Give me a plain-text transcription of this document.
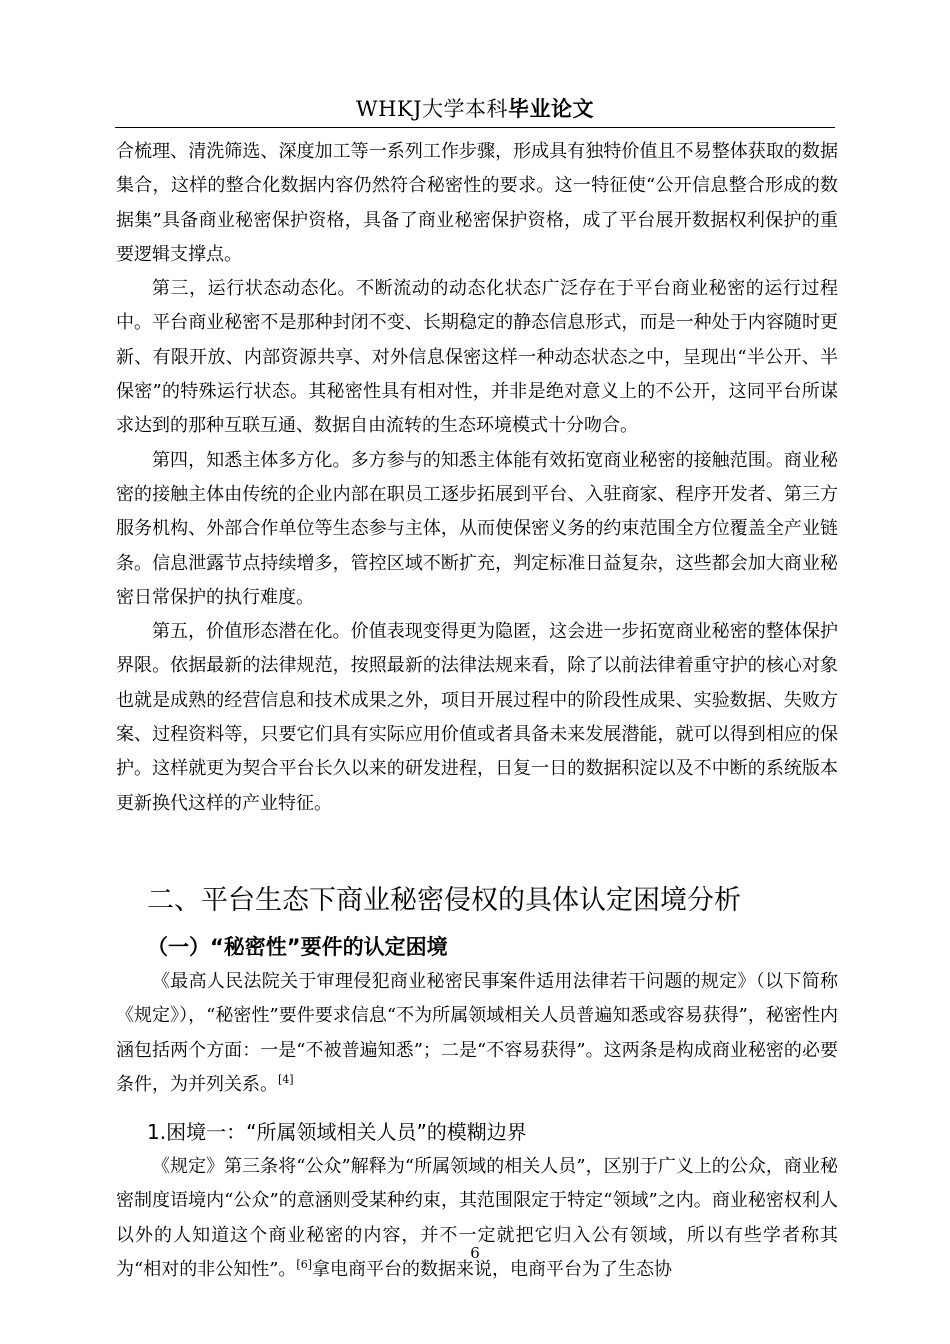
WHKJ大学本科毕业论文

合梳理、清洗筛选、深度加工等一系列工作步骤，形成具有独特价值且不易整体获取的数据集合，这样的整合化数据内容仍然符合秘密性的要求。这一特征使“公开信息整合形成的数据集”具备商业秘密保护资格，具备了商业秘密保护资格，成了平台展开数据权利保护的重要逻辑支撑点。

第三，运行状态动态化。不断流动的动态化状态广泛存在于平台商业秘密的运行过程中。平台商业秘密不是那种封闭不变、长期稳定的静态信息形式，而是一种处于内容随时更新、有限开放、内部资源共享、对外信息保密这样一种动态状态之中，呈现出“半公开、半保密”的特殊运行状态。其秘密性具有相对性，并非是绝对意义上的不公开，这同平台所谋求达到的那种互联互通、数据自由流转的生态环境模式十分吻合。

第四，知悉主体多方化。多方参与的知悉主体能有效拓宽商业秘密的接触范围。商业秘密的接触主体由传统的企业内部在职员工逐步拓展到平台、入驻商家、程序开发者、第三方服务机构、外部合作单位等生态参与主体，从而使保密义务的约束范围全方位覆盖全产业链条。信息泄露节点持续增多，管控区域不断扩充，判定标准日益复杂，这些都会加大商业秘密日常保护的执行难度。

第五，价值形态潜在化。价值表现变得更为隐匿，这会进一步拓宽商业秘密的整体保护界限。依据最新的法律规范，按照最新的法律法规来看，除了以前法律着重守护的核心对象也就是成熟的经营信息和技术成果之外，项目开展过程中的阶段性成果、实验数据、失败方案、过程资料等，只要它们具有实际应用价值或者具备未来发展潜能，就可以得到相应的保护。这样就更为契合平台长久以来的研发进程，日复一日的数据积淀以及不中断的系统版本更新换代这样的产业特征。

二、平台生态下商业秘密侵权的具体认定困境分析
（一）“秘密性”要件的认定困境

《最高人民法院关于审理侵犯商业秘密民事案件适用法律若干问题的规定》（以下简称《规定》），“秘密性”要件要求信息“不为所属领域相关人员普遍知悉或容易获得”，秘密性内涵包括两个方面：一是“不被普遍知悉”；二是“不容易获得”。这两条是构成商业秘密的必要条件，为并列关系。[4]

1.困境一：“所属领域相关人员”的模糊边界

《规定》第三条将“公众”解释为“所属领域的相关人员”，区别于广义上的公众，商业秘密制度语境内“公众”的意涵则受某种约束，其范围限定于特定“领域”之内。商业秘密权利人以外的人知道这个商业秘密的内容，并不一定就把它归入公有领域，所以有些学者称其为“相对的非公知性”。[6]拿电商平台的数据来说，电商平台为了生态协

6
